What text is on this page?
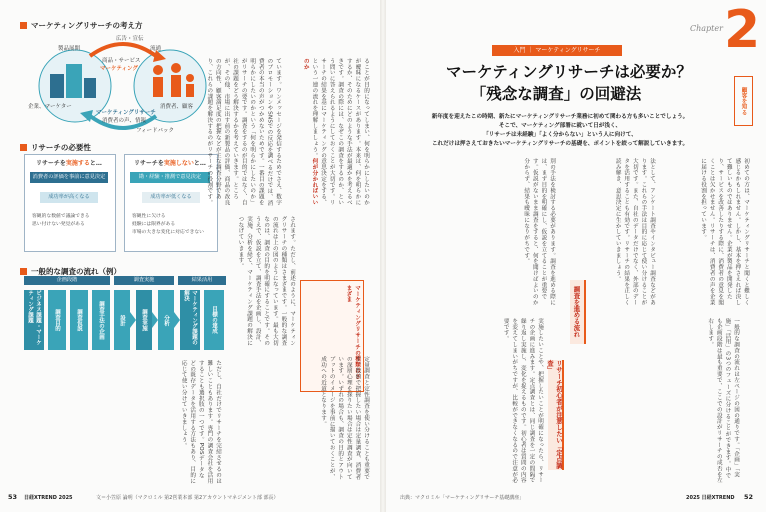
マーケティングリサーチの考え方
製品展開
広告・宣伝
流通
商品・サービス
マーケティング
企業、マーケター
マーケティングリサーチ
消費者の声、情報
消費者、顧客
フィードバック
リサーチの必要性
リサーチを実施すると…
消費者の評価を事前に意見決定
成功率が高くなる
客観的な数値で議論できる
思い付けない発見がある
リサーチを実施しないと…
勘・経験・推測で意見決定
成功率が低くなる
客観性に欠ける
経験には限界がある
市場の大きな変化に対応できない
一般的な調査の流れ（例）
企画段階	調査実施	結果活用
ビジネス課題・マーケティング課題	調査目的	調査仮説	調査手法の企画	設計	調査実施	分析	マーケティング課題の解決
目標の達成
ています。ワンメッセージを発信するためでさえ、数字のプロモーションやSNSでの反応を調べるだけでは、消費者の本当の声がつかめないためです。一番目の課題を明らかにしたいのかという「何を明らかにしたいのか」がリサーチの要です。調査をするのが目的ではなく、自社の課題をどう解決するかを考えていきます。ところが、その他、市場に出す前の新製品の評価、商品の改良の方向性、顧客満足度の把握などが主な調査分野であり、これらの課題を解決するのがリサーチの役割です。	ることが目的になってしまい、何を明らかにしたいのかが曖昧になるケースがあります。本来は、何を明らかにするか、そのためにどのような手法が最適かを考えるべきです。調査の際には、なぜこの調査をするのか、という問いに答えられるようにしておくことが大切です。リサーチの結果を基にマーケティングの意思決定をする、という一連の流れを理解しましょう。何が分かればいいのか
されます。ただし、前述のように、マーケティングリサーチの種類はさまざまです。一般的な調査の流れは上の図のようになっています。最も大切なのは、調査の目的を明確にすることです。そのうえで、仮説を立て、調査手法を企画し、設計、実施、分析を経て、マーケティング課題の解決につなげていきます。
マーケティングリサーチの種類はさまざま
定量調査と定性調査を使い分けることも重要です。数値で把握したい場合は定量調査、消費者の深層心理を探りたい場合は定性調査が向いています。いずれの場合も、調査の目的とアウトプットのイメージを事前に描いておくことが、成功への近道となります。
ただし、自社だけでリサーチを完結させるのは難しいこともあります。専門の調査会社を活用することも選択肢の一つです。POSデータなどの既存データを活用する方法もあり、目的に応じて使い分けていきましょう。
53 日経XTREND 2025	文＝小笠原 論明（マクロミル 第2営業本部 第2アカウントマネジメント部 部長）
Chapter 2
顧客を知る
入門 ｜ マーケティングリサーチ
マーケティングリサーチは必要か？
「残念な調査」の回避法
新年度を迎えたこの時期、新たにマーケティングリサーチ業務に初めて関わる方も多いことでしょう。
そこで、マーケティング部署に就いて日が浅く、
「リサーチは未経験」「よく分からない」という人に向けて、
これだけは押さえておきたいマーケティングリサーチの基礎を、ポイントを絞って解説していきます。
初めての方は、マーケティングリサーチと聞くと難しく感じるかもしれません。しかし、基本を押さえれば決して難しいものではありません。企業が製品を開発したり、サービスを改善したりする際に、消費者の意見を聞くことは欠かせません。リサーチは、消費者の声を企業に届ける役割を担っています。
法として、アンケート調査やインタビュー調査などがあります。これらの手法は目的に応じて使い分けることが大切です。また、自社のデータだけでなく、外部のデータを活用することも有効です。リサーチの結果を正しく読み解き、意思決定に生かしていきましょう。
別の手法を検討する必要があります。調査を進める際には、まず目的を明確にし、仮説を立てることが重要です。仮説がないまま調査をすると、何を聞けばよいのか分からず、結果も曖昧になりがちです。
調査を進める流れ
一般的な調査の流れは左ページの図の通りです。「企画」「実施」「活用」の3つのフェーズに分けることができます。中でも企画段階は最も重要で、ここでの設計がリサーチの成否を左右します。
リサーチ初心者が注意したい「定点調査」
実施したいことや、把握したいことが明確になったら、リサーチの企画に進みます。定点調査とは、同じ調査を一定の間隔で繰り返し実施し、変化を捉えるものです。初心者は質問の内容を変えてしまいがちですが、比較ができなくなるので注意が必要です。
出典：マクロミル「マーケティングリサーチ基礎講座」	2025 日経XTREND 52
